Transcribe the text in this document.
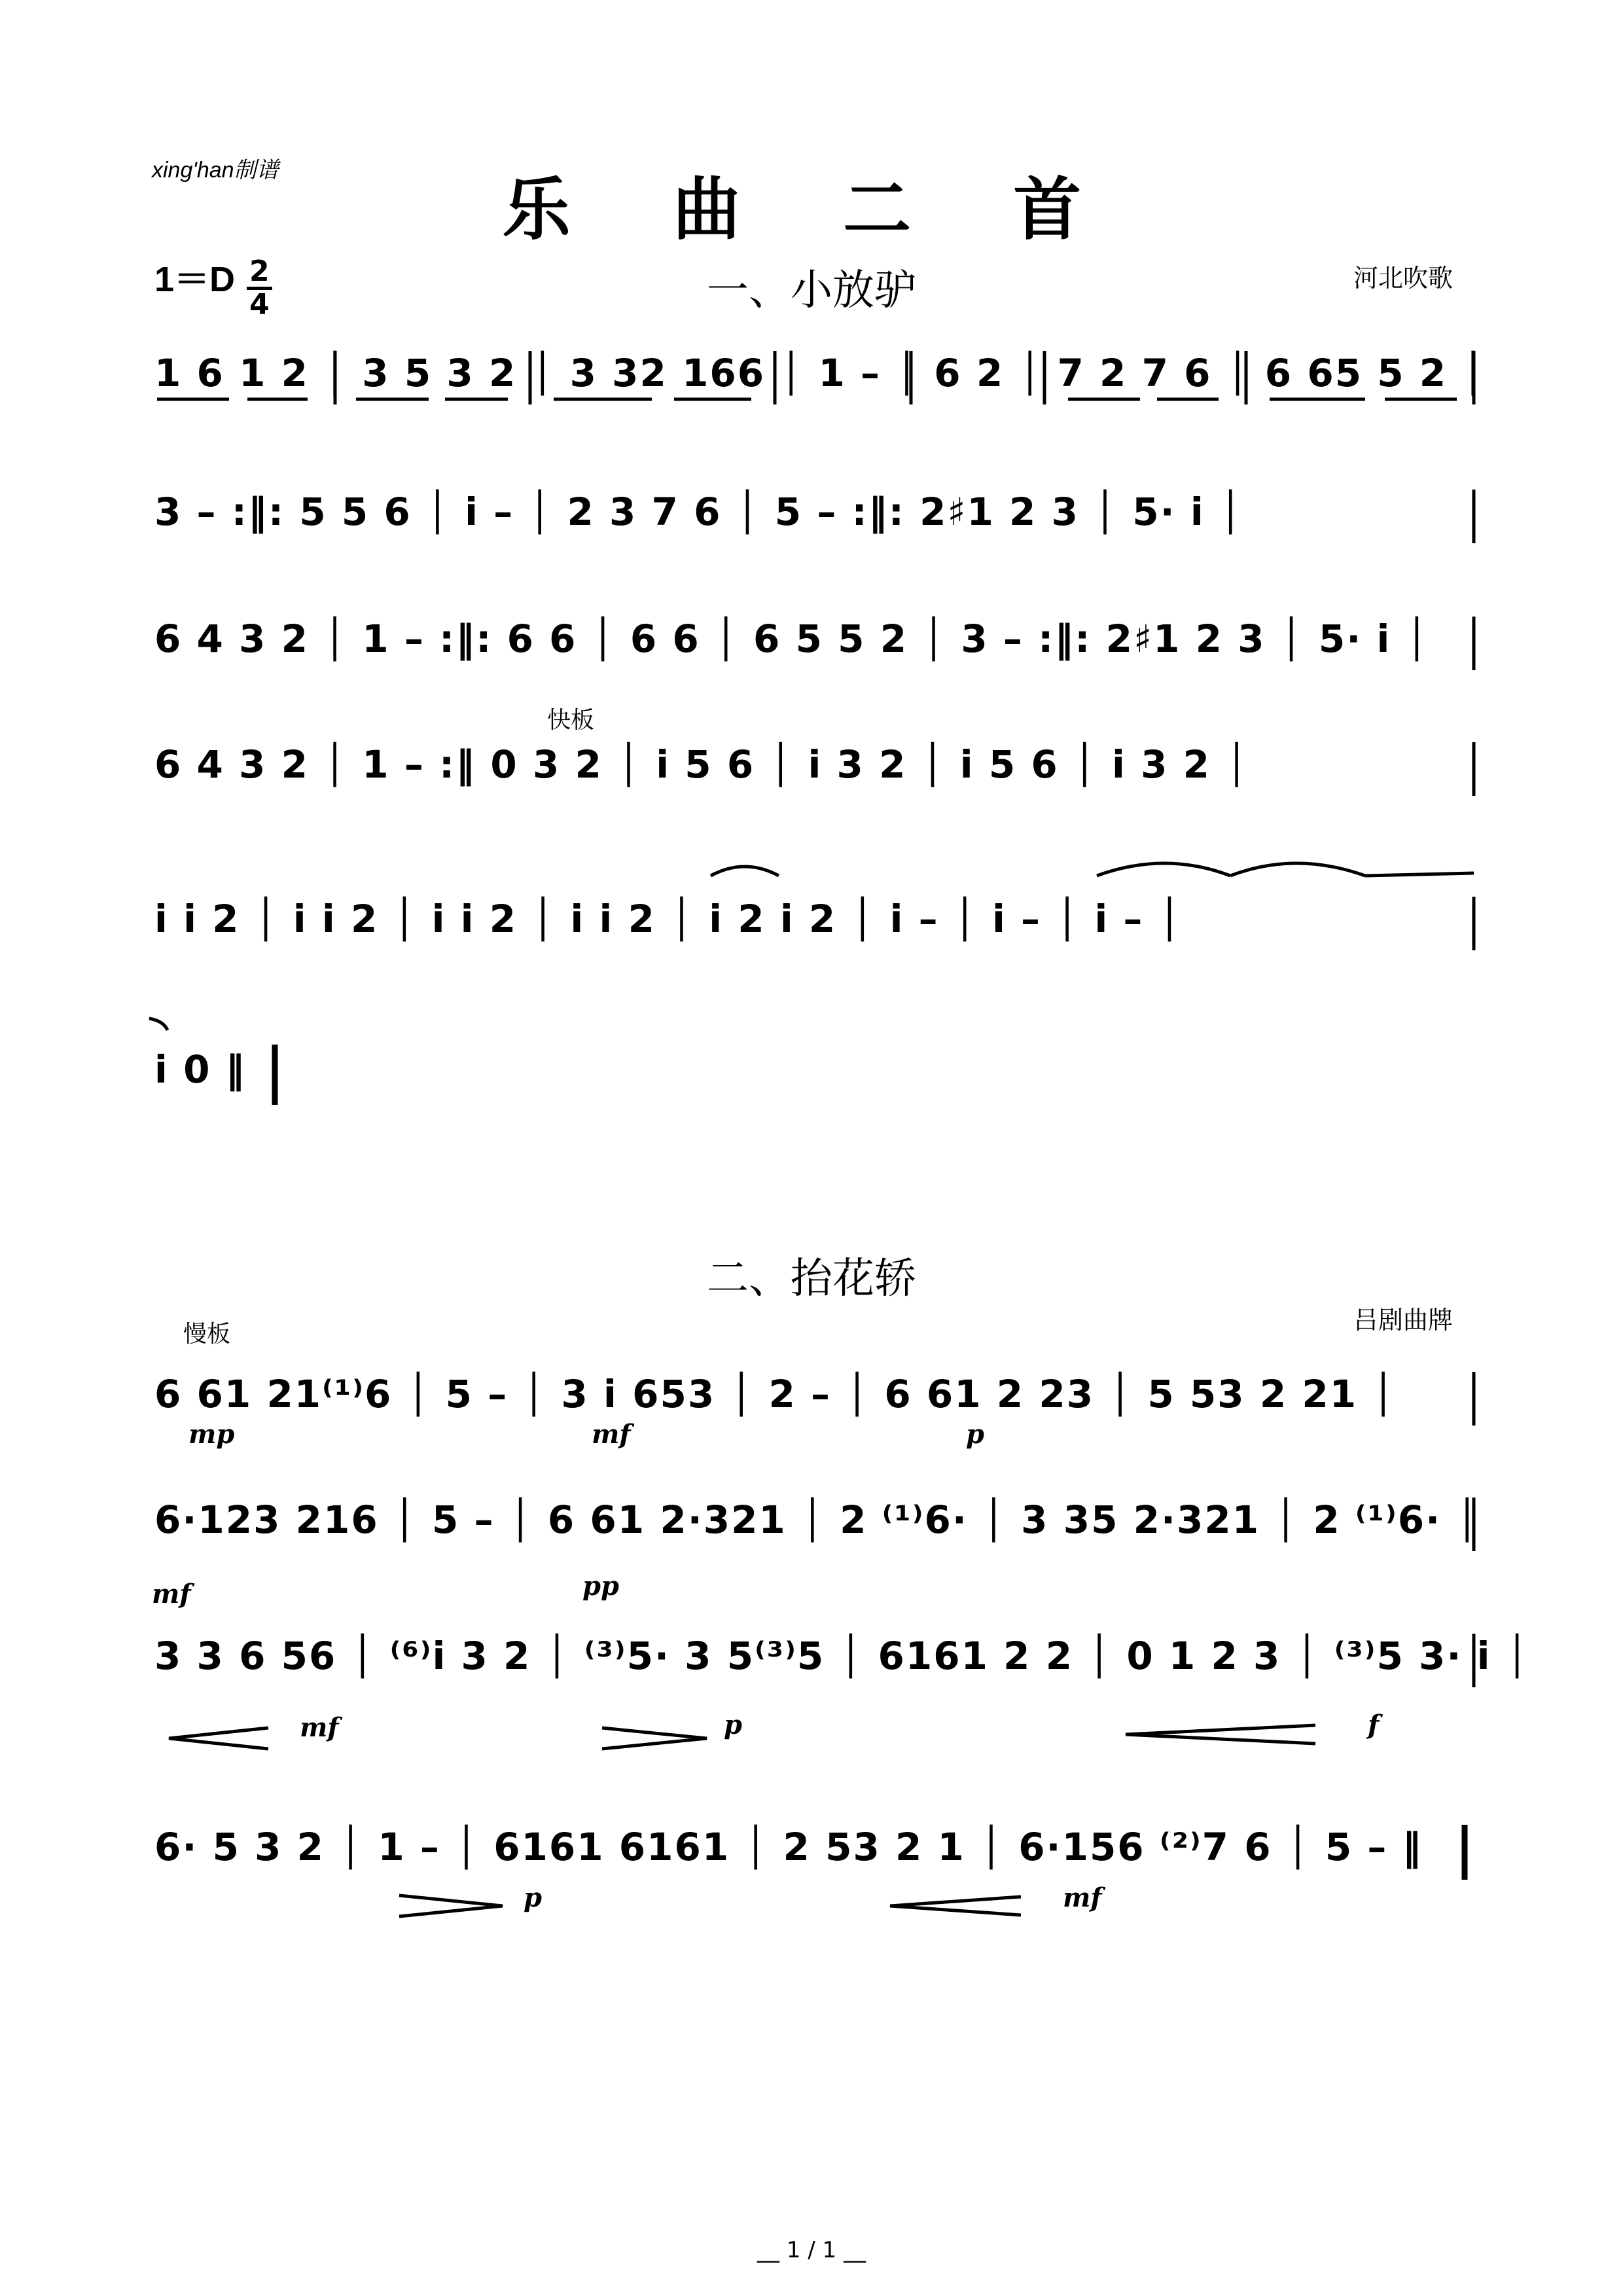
xing'han制谱	乐 曲 二 首
$1=D \frac{2}{4}$	一、小放驴	河北吹歌
快板
1 6 1 2 │ 3 5 3 2 │ 3 32 166 │ 1 – │ 6 2 │ 7 2 7 6 │ 6 65 5 2 │
3 – :‖: 5 5 6 │ i – │ 2 3 7 6 │ 5 – :‖: 2♯1 2 3 │ 5· i │
6 4 3 2 │ 1 – :‖: 6 6 │ 6 6 │ 6 5 5 2 │ 3 – :‖: 2♯1 2 3 │ 5· i │
6 4 3 2 │ 1 – :‖ 0 3 2 │ i 5 6 │ i 3 2 │ i 5 6 │ i 3 2 │
i i 2 │ i i 2 │ i i 2 │ i i 2 │ i 2 i 2 │ i – │ i – │ i – │
i 0 ‖
二、抬花轿
吕剧曲牌
慢板
6 61 21⁽¹⁾6 │ 5 – │ 3 i 653 │ 2 – │ 6 61 2 23 │ 5 53 2 21 │
6·123 216 │ 5 – │ 6 61 2·321 │ 2 ⁽¹⁾6· │ 3 35 2·321 │ 2 ⁽¹⁾6· │
3 3 6 56 │ ⁽⁶⁾i 3 2 │ ⁽³⁾5· 3 5⁽³⁾5 │ 6161 2 2 │ 0 1 2 3 │ ⁽³⁾5 3· i │
6· 5 3 2 │ 1 – │ 6161 6161 │ 2 53 2 1 │ 6·156 ⁽²⁾7 6 │ 5 – ‖
mp	mf	p
mf	pp
mf	p	f
p	mf
__ 1 / 1 __
